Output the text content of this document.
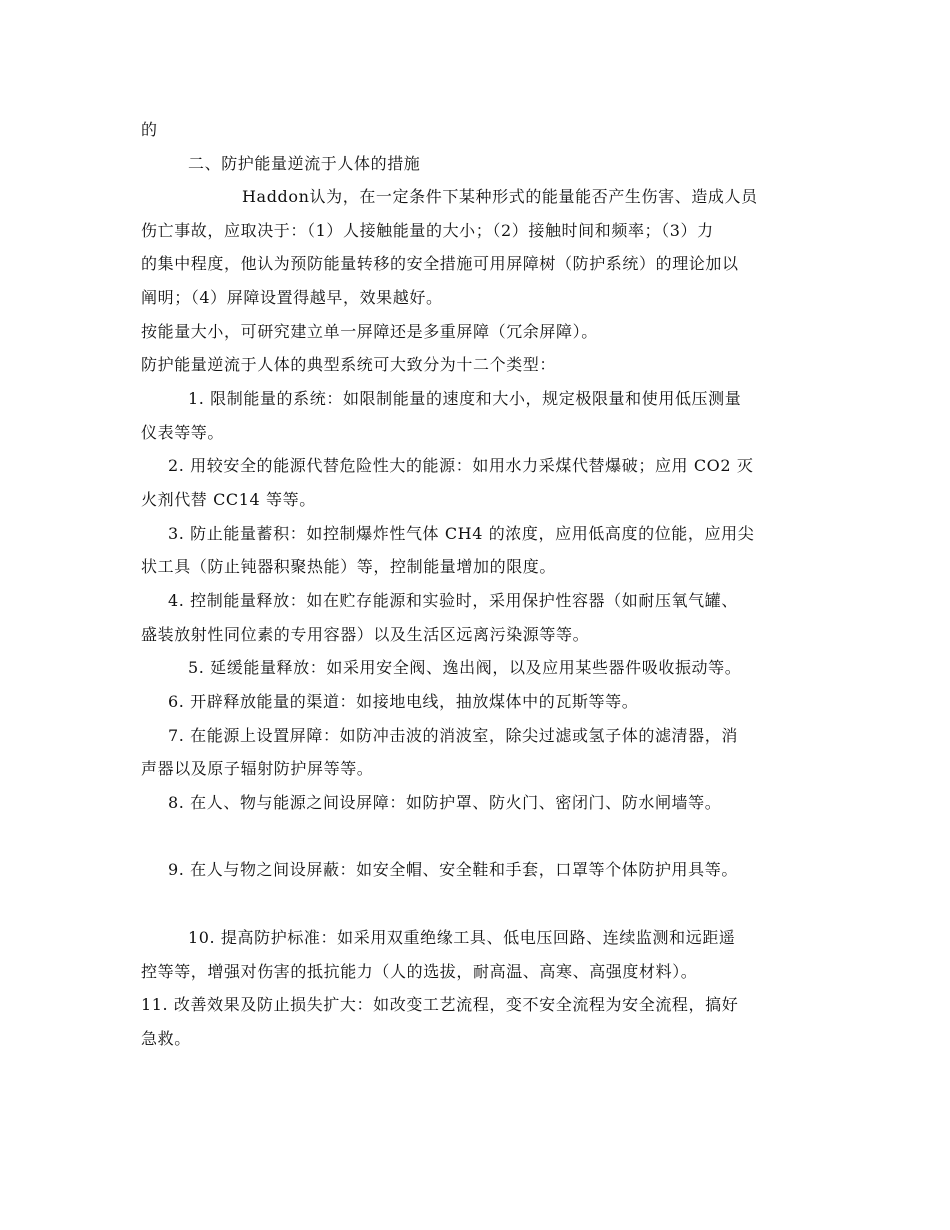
的
二、防护能量逆流于人体的措施
Haddon认为，在一定条件下某种形式的能量能否产生伤害、造成人员
伤亡事故，应取决于：（1）人接触能量的大小；（2）接触时间和频率；（3）力
的集中程度，他认为预防能量转移的安全措施可用屏障树（防护系统）的理论加以
阐明；（4）屏障设置得越早，效果越好。
按能量大小，可研究建立单一屏障还是多重屏障（冗余屏障）。
防护能量逆流于人体的典型系统可大致分为十二个类型：
1. 限制能量的系统：如限制能量的速度和大小，规定极限量和使用低压测量
仪表等等。
2. 用较安全的能源代替危险性大的能源：如用水力采煤代替爆破；应用 CO2 灭
火剂代替 CC14 等等。
3. 防止能量蓄积：如控制爆炸性气体 CH4 的浓度，应用低高度的位能，应用尖
状工具（防止钝器积聚热能）等，控制能量增加的限度。
4. 控制能量释放：如在贮存能源和实验时，采用保护性容器（如耐压氧气罐、
盛装放射性同位素的专用容器）以及生活区远离污染源等等。
5. 延缓能量释放：如采用安全阀、逸出阀，以及应用某些器件吸收振动等。
6. 开辟释放能量的渠道：如接地电线，抽放煤体中的瓦斯等等。
7. 在能源上设置屏障：如防冲击波的消波室，除尖过滤或氢子体的滤清器，消
声器以及原子辐射防护屏等等。
8. 在人、物与能源之间设屏障：如防护罩、防火门、密闭门、防水闸墙等。
9. 在人与物之间设屏蔽：如安全帽、安全鞋和手套，口罩等个体防护用具等。
10. 提高防护标准：如采用双重绝缘工具、低电压回路、连续监测和远距遥
控等等，增强对伤害的抵抗能力（人的选拔，耐高温、高寒、高强度材料）。
11. 改善效果及防止损失扩大：如改变工艺流程，变不安全流程为安全流程，搞好
急救。
